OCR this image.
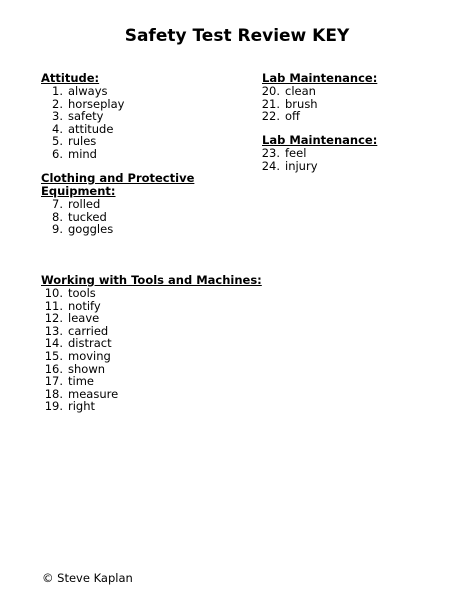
Safety Test Review KEY

Attitude:

1. always
2. horseplay
3. safety
4. attitude
5. rules
6. mind

Clothing and Protective
Equipment:

7. rolled
8. tucked
9. goggles

Working with Tools and Machines:

10. tools
11. notify
12. leave
13. carried
14. distract
15. moving
16. shown
17. time
18. measure
19. right

Lab Maintenance:

20. clean
21. brush
22. off

Lab Maintenance:

23. feel
24. injury

© Steve Kaplan
